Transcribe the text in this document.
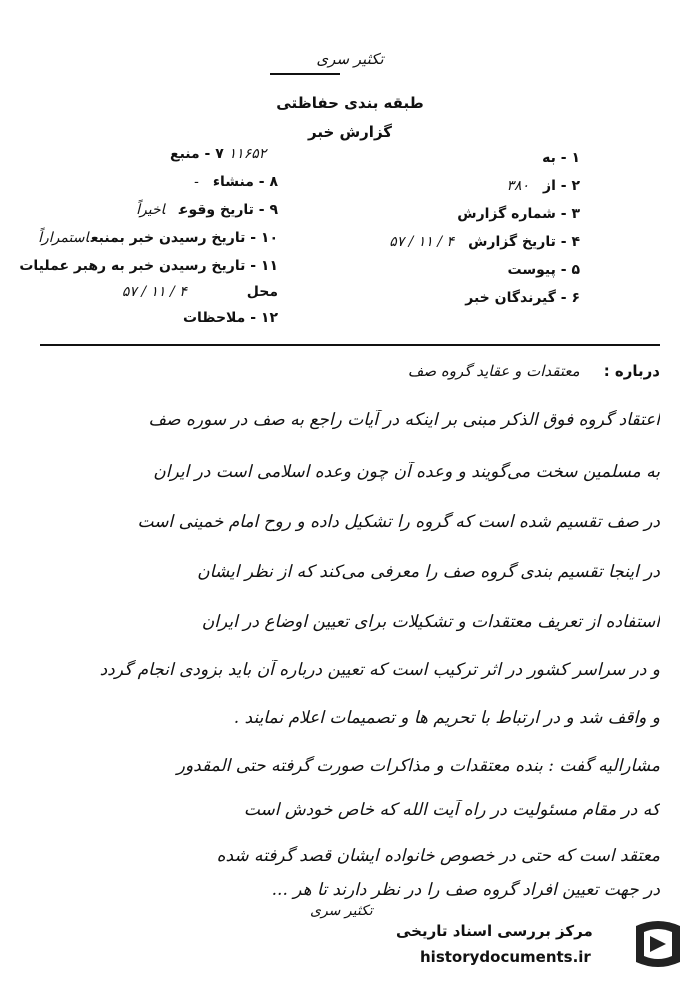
تکثیر سری
طبقه بندی حفاظتی
گزارش خبر
۱ - به
۲ - از۳۸۰
۳ - شماره گزارش
۴ - تاریخ گزارش۴ / ۱۱ / ۵۷
۵ - پیوست
۶ - گیرندگان خبر
۱۱۶۵۲ ۷ - منبع
۸ - منشاء-
۹ - تاریخ وقوعاخیراً
۱۰ - تاریخ رسیدن خبر بمنبعاستمراراً
۱۱ - تاریخ رسیدن خبر به رهبر عملیات
محل۴ / ۱۱ / ۵۷
۱۲ - ملاحظات
درباره :معتقدات و عقاید گروه صف
اعتقاد گروه فوق الذکر مبنی بر اینکه در آیات راجع به صف در سوره صف
به مسلمین سخت می‌گویند و وعده آن چون وعده اسلامی است در ایران
در صف تقسیم شده است که گروه را تشکیل داده و روح امام خمینی است
در اینجا تقسیم بندی گروه صف را معرفی می‌کند که از نظر ایشان
استفاده از تعریف معتقدات و تشکیلات برای تعیین اوضاع در ایران
و در سراسر کشور در اثر ترکیب است که تعیین درباره آن باید بزودی انجام گردد
و واقف شد و در ارتباط با تحریم ها و تصمیمات اعلام نمایند .
مشارالیه گفت : بنده معتقدات و مذاکرات صورت گرفته حتی المقدور
که در مقام مسئولیت در راه آیت الله که خاص خودش است
معتقد است که حتی در خصوص خانواده ایشان قصد گرفته شده
در جهت تعیین افراد گروه صف را در نظر دارند تا هر ...
تکثیر سری
مرکز بررسی اسناد تاریخی
historydocuments.ir
